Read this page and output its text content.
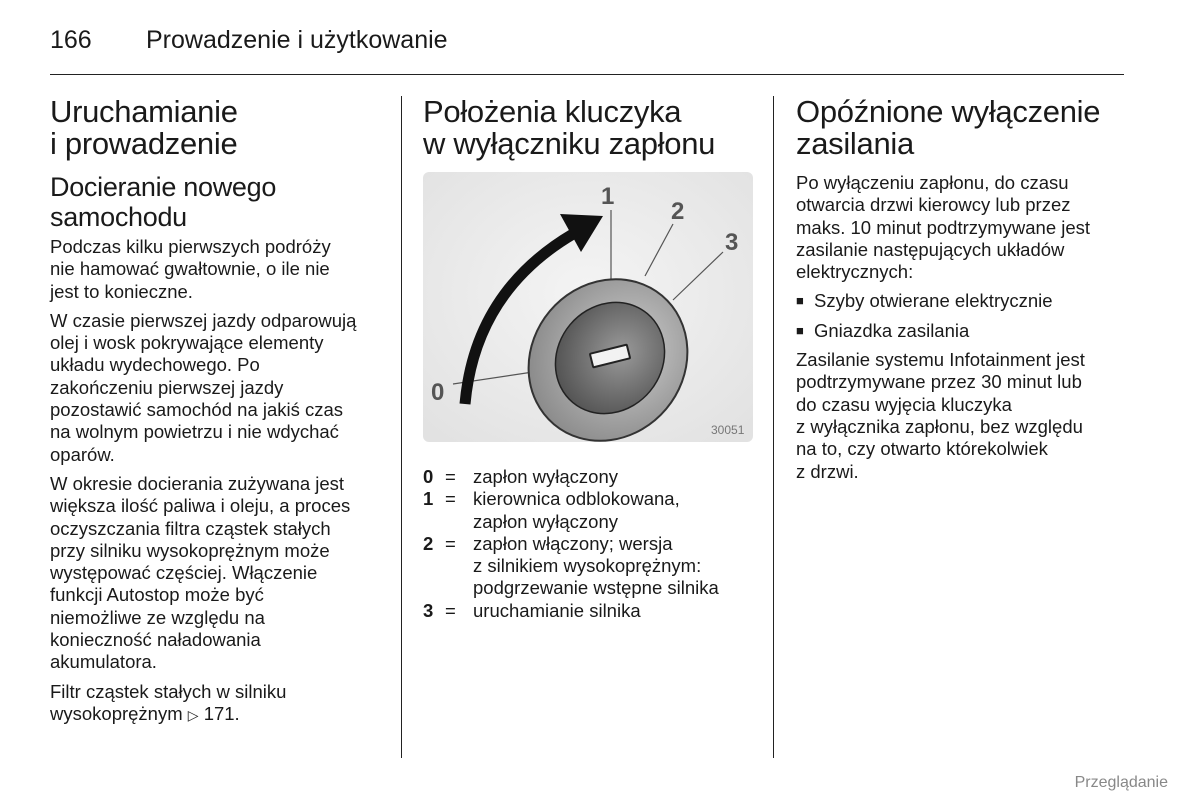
166 Prowadzenie i użytkowanie
Uruchamianie
i prowadzenie
Docieranie nowego
samochodu

Podczas kilku pierwszych podróży
nie hamować gwałtownie, o ile nie
jest to konieczne.

W czasie pierwszej jazdy odparowują
olej i wosk pokrywające elementy
układu wydechowego. Po
zakończeniu pierwszej jazdy
pozostawić samochód na jakiś czas
na wolnym powietrzu i nie wdychać
oparów.

W okresie docierania zużywana jest
większa ilość paliwa i oleju, a proces
oczyszczania filtra cząstek stałych
przy silniku wysokoprężnym może
występować częściej. Włączenie
funkcji Autostop może być
niemożliwe ze względu na
konieczność naładowania
akumulatora.

Filtr cząstek stałych w silniku
wysokoprężnym ▷ 171.

Położenia kluczyka
w wyłączniku zapłonu
0
1
2
3
30051
0 = zapłon wyłączony
1 = kierownica odblokowana,
zapłon wyłączony
2 = zapłon włączony; wersja
z silnikiem wysokoprężnym:
podgrzewanie wstępne silnika
3 = uruchamianie silnika
Opóźnione wyłączenie
zasilania

Po wyłączeniu zapłonu, do czasu
otwarcia drzwi kierowcy lub przez
maks. 10 minut podtrzymywane jest
zasilanie następujących układów
elektrycznych:

■ Szyby otwierane elektrycznie
■ Gniazdka zasilania

Zasilanie systemu Infotainment jest
podtrzymywane przez 30 minut lub
do czasu wyjęcia kluczyka
z wyłącznika zapłonu, bez względu
na to, czy otwarto którekolwiek
z drzwi.

Przeglądanie
